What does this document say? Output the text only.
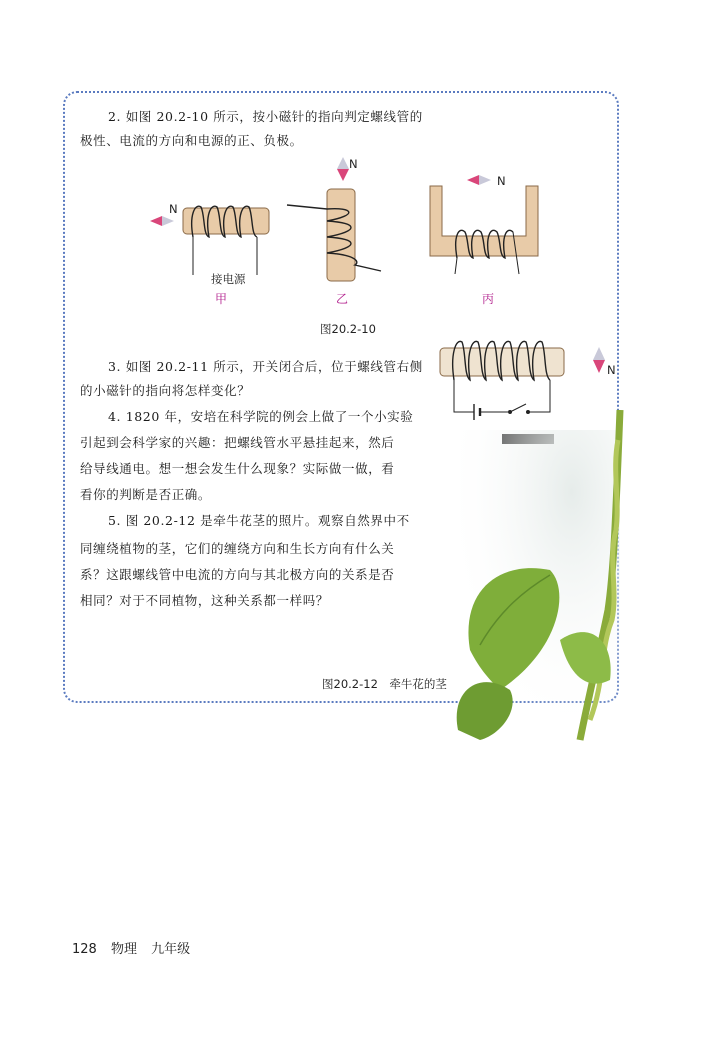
2. 如图 20.2-10 所示，按小磁针的指向判定螺线管的

极性、电流的方向和电源的正、负极。

N
接电源
甲
N
乙
N
丙
图20.2-10
N

3. 如图 20.2-11 所示，开关闭合后，位于螺线管右侧

的小磁针的指向将怎样变化？

4. 1820 年，安培在科学院的例会上做了一个小实验

引起到会科学家的兴趣：把螺线管水平悬挂起来，然后

给导线通电。想一想会发生什么现象？实际做一做，看

看你的判断是否正确。

5. 图 20.2-12 是牵牛花茎的照片。观察自然界中不

同缠绕植物的茎，它们的缠绕方向和生长方向有什么关

系？这跟螺线管中电流的方向与其北极方向的关系是否

相同？对于不同植物，这种关系都一样吗？

图20.2-12　牵牛花的茎
128 物理 九年级
